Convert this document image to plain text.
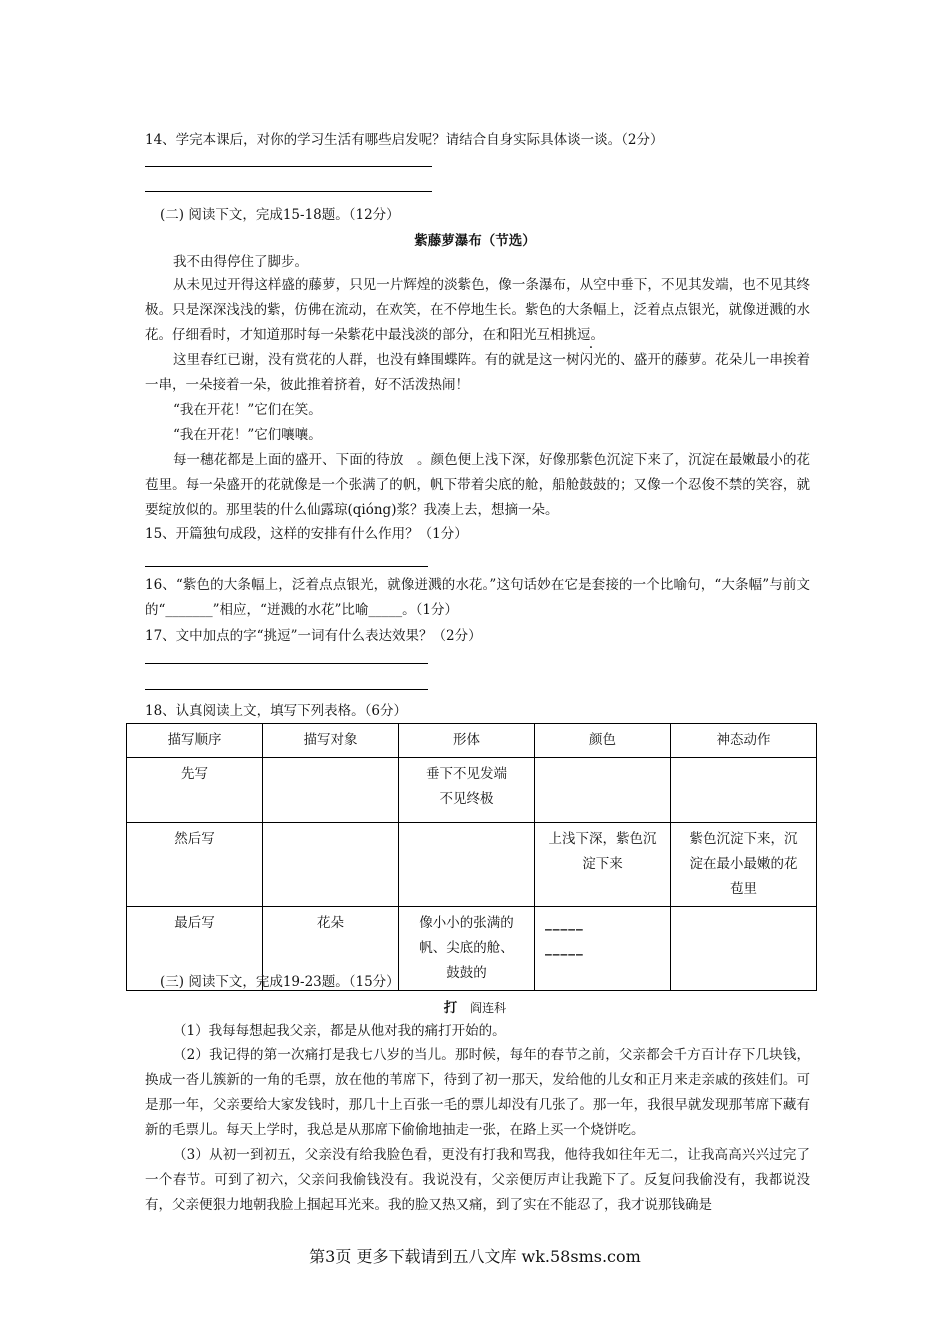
14、学完本课后，对你的学习生活有哪些启发呢？请结合自身实际具体谈一谈。（2分）
(二) 阅读下文，完成15-18题。（12分）
紫藤萝瀑布（节选）
我不由得停住了脚步。
从未见过开得这样盛的藤萝，只见一片辉煌的淡紫色，像一条瀑布，从空中垂下，不见其发端，也不见其终极。只是深深浅浅的紫，仿佛在流动，在欢笑，在不停地生长。紫色的大条幅上，泛着点点银光，就像迸溅的水花。仔细看时，才知道那时每一朵紫花中最浅淡的部分，在和阳光互相挑逗。
这里春红已谢，没有赏花的人群，也没有蜂围蝶阵。有的就是这一树闪光的、盛开的藤萝。花朵儿一串挨着一串，一朵接着一朵，彼此推着挤着，好不活泼热闹！
“我在开花！”它们在笑。
“我在开花！”它们嚷嚷。
每一穗花都是上面的盛开、下面的待放　。颜色便上浅下深，好像那紫色沉淀下来了，沉淀在最嫩最小的花苞里。每一朵盛开的花就像是一个张满了的帆，帆下带着尖底的舱，船舱鼓鼓的；又像一个忍俊不禁的笑容，就要绽放似的。那里装的什么仙露琼(qióng)浆？我凑上去，想摘一朵。
15、开篇独句成段，这样的安排有什么作用？（1分）
16、“紫色的大条幅上，泛着点点银光，就像迸溅的水花。”这句话妙在它是套接的一个比喻句，“大条幅”与前文的“_______”相应，“迸溅的水花”比喻_____。（1分）
17、文中加点的字“挑逗”一词有什么表达效果？（2分）
18、认真阅读上文，填写下列表格。（6分）
描写顺序	描写对象	形体	颜色	神态动作
先写		垂下不见发端不见终极		
然后写			上浅下深，紫色沉淀下来	紫色沉淀下来，沉淀在最小最嫩的花苞里
最后写	花朵	像小小的张满的帆、尖底的舱、鼓鼓的	_____
_____	

(三) 阅读下文，完成19-23题。（15分）
打 阎连科
（1）我每每想起我父亲，都是从他对我的痛打开始的。
（2）我记得的第一次痛打是我七八岁的当儿。那时候，每年的春节之前，父亲都会千方百计存下几块钱，换成一沓儿簇新的一角的毛票，放在他的苇席下，待到了初一那天，发给他的儿女和正月来走亲戚的孩娃们。可是那一年，父亲要给大家发钱时，那几十上百张一毛的票儿却没有几张了。那一年，我很早就发现那苇席下藏有新的毛票儿。每天上学时，我总是从那席下偷偷地抽走一张，在路上买一个烧饼吃。
（3）从初一到初五，父亲没有给我脸色看，更没有打我和骂我，他待我如往年无二，让我高高兴兴过完了一个春节。可到了初六，父亲问我偷钱没有。我说没有，父亲便厉声让我跪下了。反复问我偷没有，我都说没有，父亲便狠力地朝我脸上掴起耳光来。我的脸又热又痛，到了实在不能忍了，我才说那钱确是
第3页 更多下载请到五八文库 wk.58sms.com
